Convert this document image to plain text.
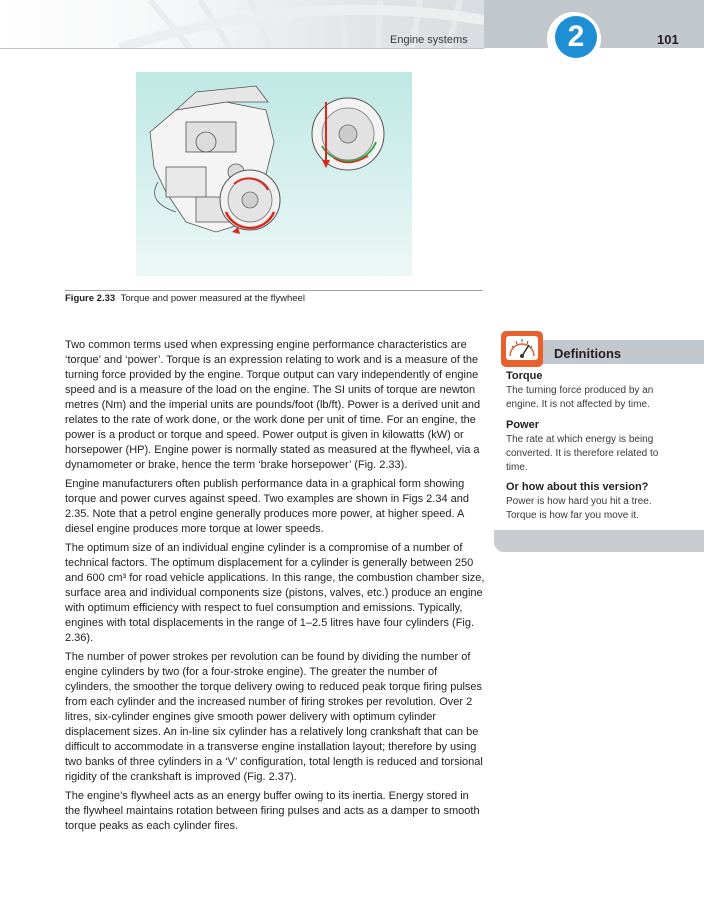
Engine systems	2	101
Figure 2.33 Torque and power measured at the flywheel

Two common terms used when expressing engine performance characteristics are ‘torque’ and ‘power’. Torque is an expression relating to work and is a measure of the turning force provided by the engine. Torque output can vary independently of engine speed and is a measure of the load on the engine. The SI units of torque are newton metres (Nm) and the imperial units are pounds/foot (lb/ft). Power is a derived unit and relates to the rate of work done, or the work done per unit of time. For an engine, the power is a product or torque and speed. Power output is given in kilowatts (kW) or horsepower (HP). Engine power is normally stated as measured at the flywheel, via a dynamometer or brake, hence the term ‘brake horsepower’ (Fig. 2.33).

Engine manufacturers often publish performance data in a graphical form showing torque and power curves against speed. Two examples are shown in Figs 2.34 and 2.35. Note that a petrol engine generally produces more power, at higher speed. A diesel engine produces more torque at lower speeds.

The optimum size of an individual engine cylinder is a compromise of a number of technical factors. The optimum displacement for a cylinder is generally between 250 and 600 cm³ for road vehicle applications. In this range, the combustion chamber size, surface area and individual components size (pistons, valves, etc.) produce an engine with optimum efficiency with respect to fuel consumption and emissions. Typically, engines with total displacements in the range of 1–2.5 litres have four cylinders (Fig. 2.36).

The number of power strokes per revolution can be found by dividing the number of engine cylinders by two (for a four-stroke engine). The greater the number of cylinders, the smoother the torque delivery owing to reduced peak torque firing pulses from each cylinder and the increased number of firing strokes per revolution. Over 2 litres, six-cylinder engines give smooth power delivery with optimum cylinder displacement sizes. An in-line six cylinder has a relatively long crankshaft that can be difficult to accommodate in a transverse engine installation layout; therefore by using two banks of three cylinders in a ‘V’ configuration, total length is reduced and torsional rigidity of the crankshaft is improved (Fig. 2.37).

The engine’s flywheel acts as an energy buffer owing to its inertia. Energy stored in the flywheel maintains rotation between firing pulses and acts as a damper to smooth torque peaks as each cylinder fires.

Definitions
Torque
The turning force produced by an engine. It is not affected by time.
Power
The rate at which energy is being converted. It is therefore related to time.
Or how about this version?
Power is how hard you hit a tree. Torque is how far you move it.
